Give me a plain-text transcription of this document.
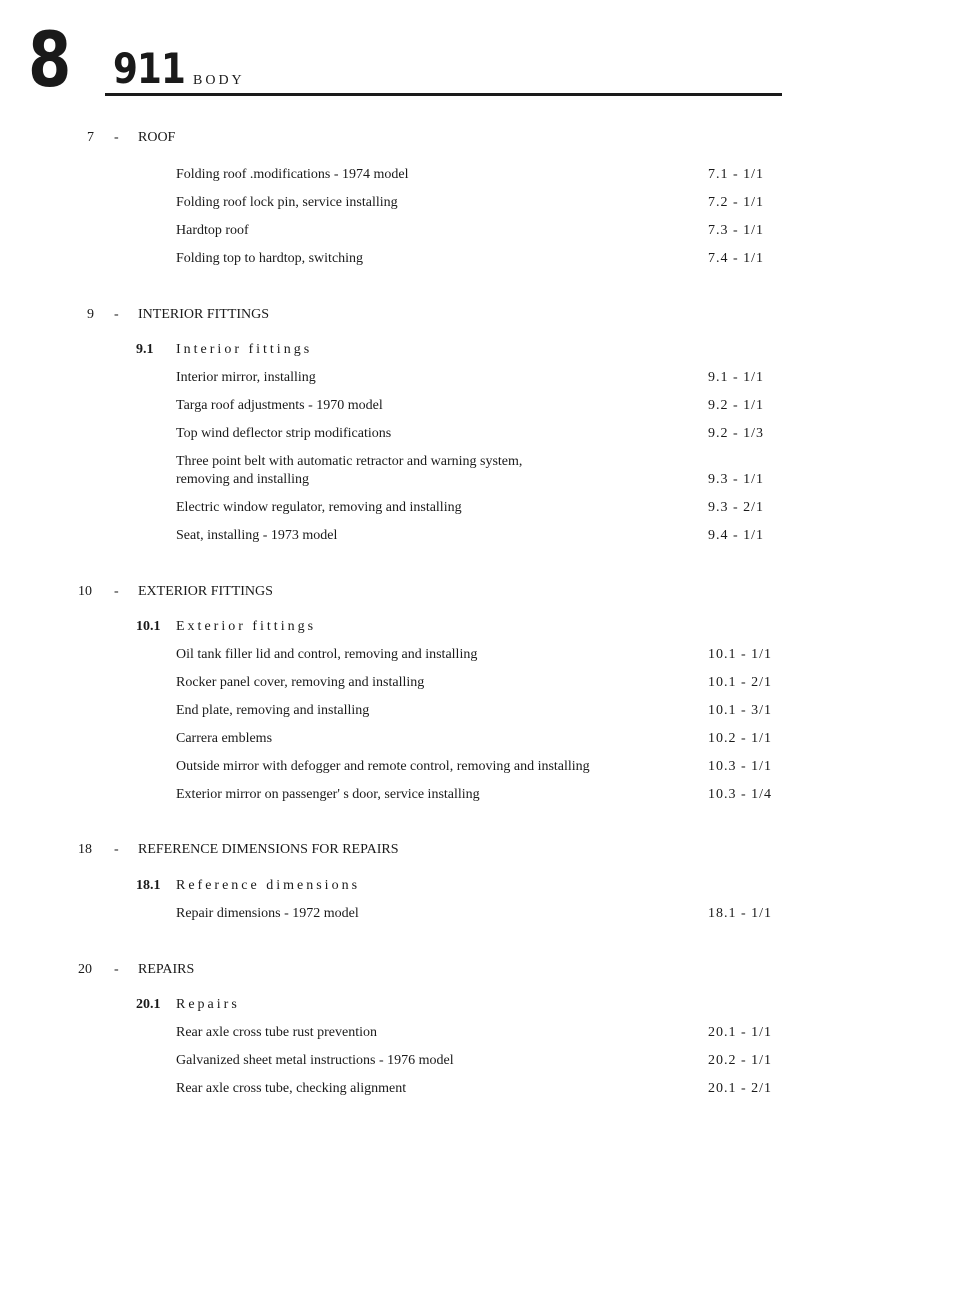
8 911 BODY
7	- ROOF
Folding roof .modifications - 1974 model	7.1 - 1/1
Folding roof lock pin, service installing	7.2 - 1/1
Hardtop roof	7.3 - 1/1
Folding top to hardtop, switching	7.4 - 1/1
9	- INTERIOR FITTINGS
9.1 Interior fittings
Interior mirror, installing	9.1 - 1/1
Targa roof adjustments - 1970 model	9.2 - 1/1
Top wind deflector strip modifications	9.2 - 1/3
Three point belt with automatic retractor and warning system,
removing and installing	9.3 - 1/1
Electric window regulator, removing and installing	9.3 - 2/1
Seat, installing - 1973 model	9.4 - 1/1
10	- EXTERIOR FITTINGS
10.1 Exterior fittings
Oil tank filler lid and control, removing and installing	10.1 - 1/1
Rocker panel cover, removing and installing	10.1 - 2/1
End plate, removing and installing	10.1 - 3/1
Carrera emblems	10.2 - 1/1
Outside mirror with defogger and remote control, removing and installing	10.3 - 1/1
Exterior mirror on passenger' s door, service installing	10.3 - 1/4
18	- REFERENCE DIMENSIONS FOR REPAIRS
18.1 Reference dimensions
Repair dimensions - 1972 model	18.1 - 1/1
20	- REPAIRS
20.1 Repairs
Rear axle cross tube rust prevention	20.1 - 1/1
Galvanized sheet metal instructions - 1976 model	20.2 - 1/1
Rear axle cross tube, checking alignment	20.1 - 2/1
